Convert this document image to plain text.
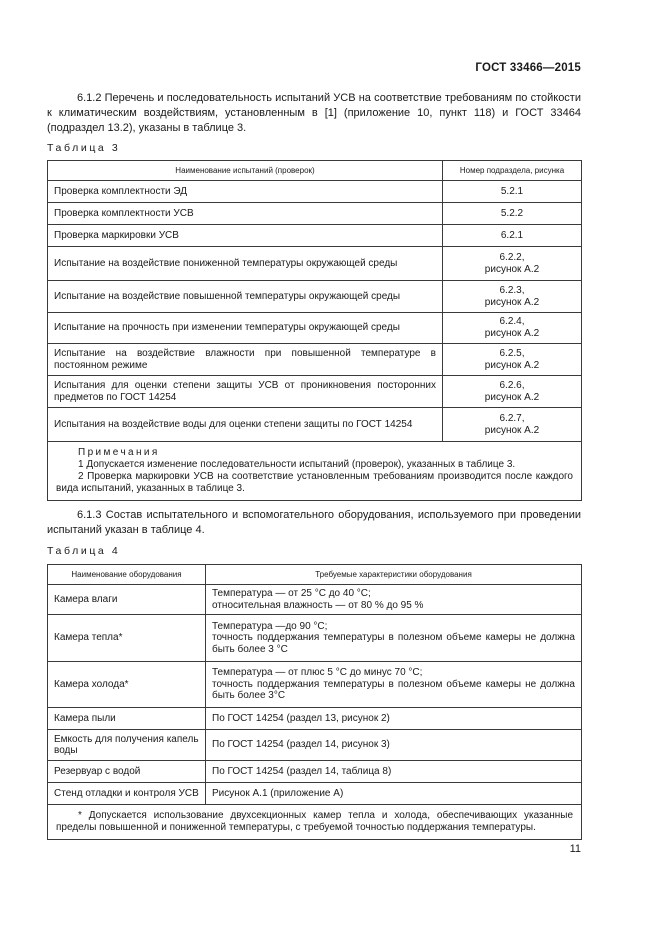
ГОСТ 33466—2015
6.1.2 Перечень и последовательность испытаний УСВ на соответствие требованиям по стойкости к климатическим воздействиям, установленным в [1] (приложение 10, пункт 118) и ГОСТ 33464 (подраздел 13.2), указаны в таблице 3.
Таблица 3
Наименование испытаний (проверок)	Номер подраздела, рисунка
Проверка комплектности ЭД	5.2.1

Проверка комплектности УСВ	5.2.2

Проверка маркировки УСВ	6.2.1

Испытание на воздействие пониженной температуры окружающей среды	6.2.2,
рисунок А.2

Испытание на воздействие повышенной температуры окружающей среды	6.2.3,
рисунок А.2

Испытание на прочность при изменении температуры окружающей среды	6.2.4,
рисунок А.2

Испытание на воздействие влажности при повышенной температуре в постоянном режиме	6.2.5,
рисунок А.2

Испытания для оценки степени защиты УСВ от проникновения посторонних предметов по ГОСТ 14254	6.2.6,
рисунок А.2

Испытания на воздействие воды для оценки степени защиты по ГОСТ 14254	6.2.7,
рисунок А.2

Примечания
1 Допускается изменение последовательности испытаний (проверок), указанных в таблице 3.
2 Проверка маркировки УСВ на соответствие установленным требованиям производится после каждого вида испытаний, указанных в таблице 3.	
6.1.3 Состав испытательного и вспомогательного оборудования, используемого при проведении испытаний указан в таблице 4.
Таблица 4
Наименование оборудования	Требуемые характеристики оборудования
Камера влаги	Температура — от 25 °С до 40 °С;
относительная влажность — от 80 % до 95 %

Камера тепла*	Температура —до 90 °С;
точность поддержания температуры в полезном объеме камеры не должна быть более 3 °С

Камера холода*	Температура — от плюс 5 °С до минус 70 °С;
точность поддержания температуры в полезном объеме камеры не должна быть более 3°С

Камера пыли	По ГОСТ 14254 (раздел 13, рисунок 2)

Емкость для получения капель воды	По ГОСТ 14254 (раздел 14, рисунок 3)

Резервуар с водой	По ГОСТ 14254 (раздел 14, таблица 8)

Стенд отладки и контроля УСВ	Рисунок А.1 (приложение А)

* Допускается использование двухсекционных камер тепла и холода, обеспечивающих указанные пределы повышенной и пониженной температуры, с требуемой точностью поддержания температуры.	
11
